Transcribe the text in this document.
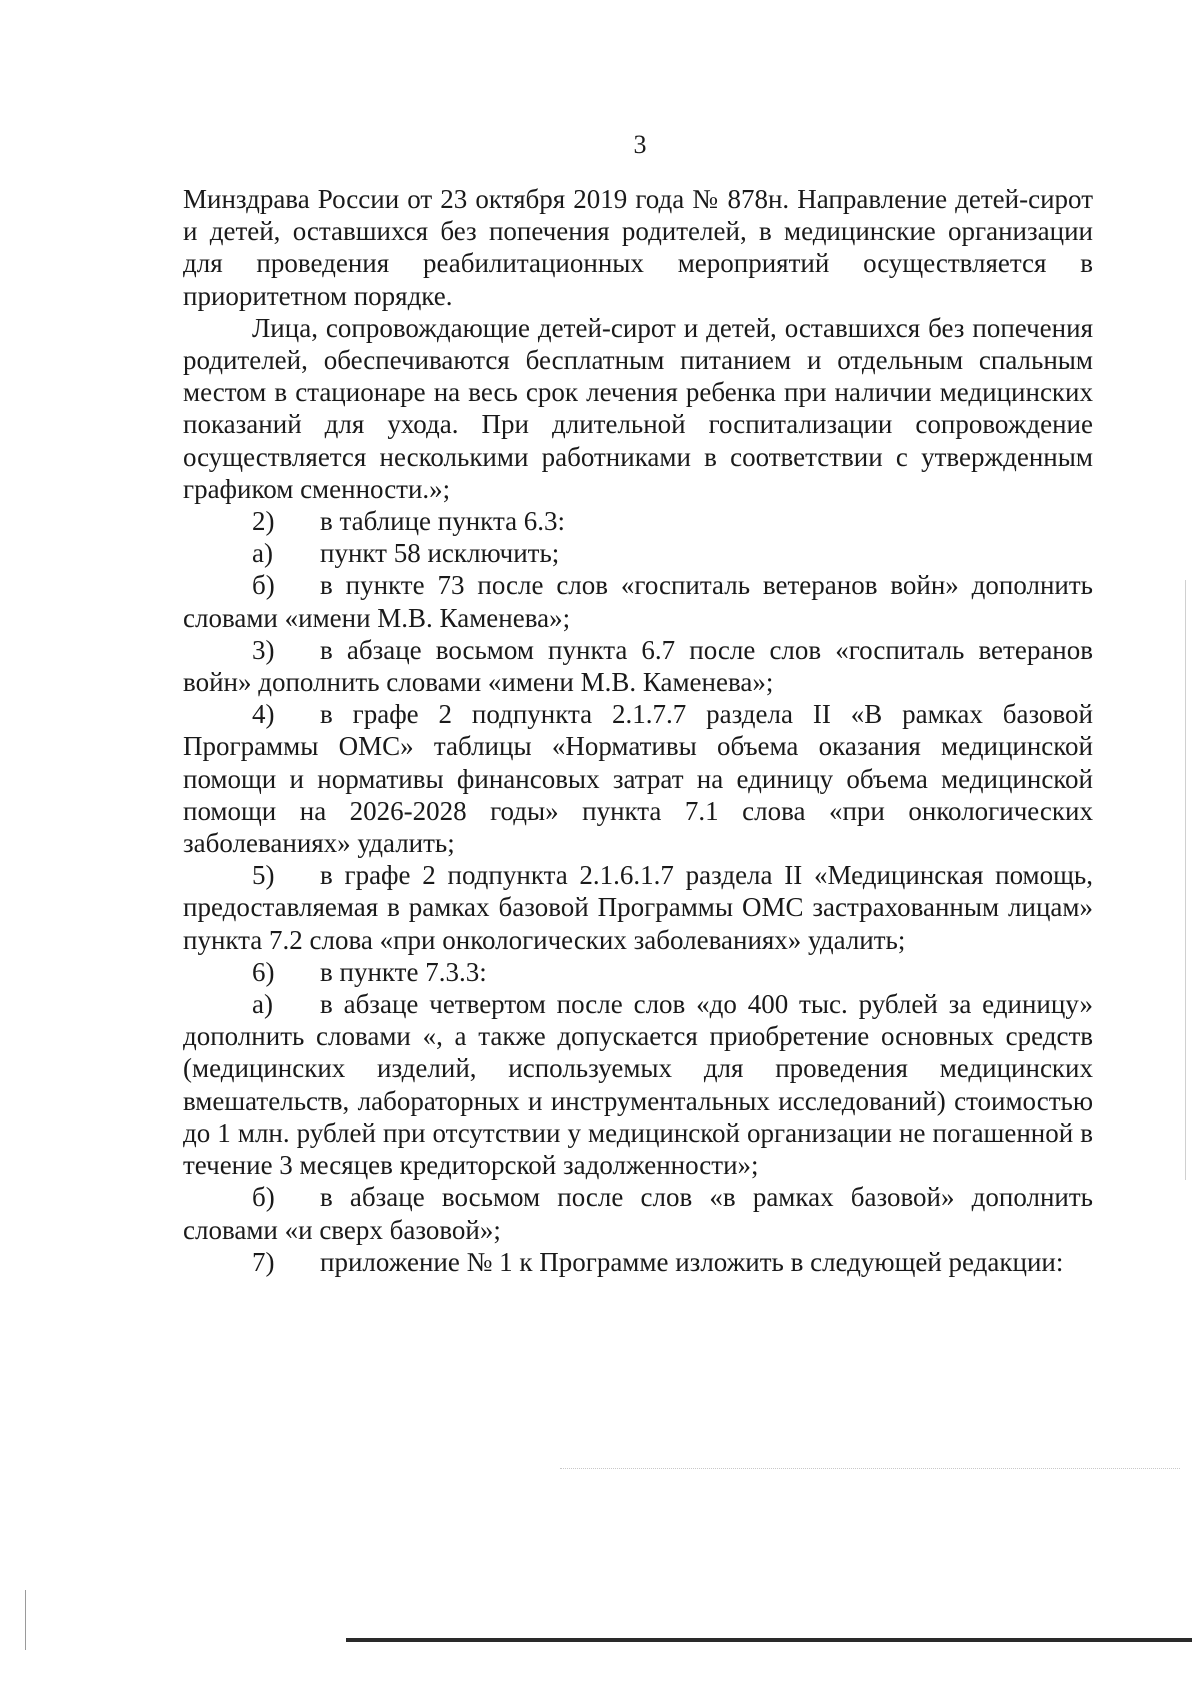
3

Минздрава России от 23 октября 2019 года № 878н. Направление детей-сирот и детей, оставшихся без попечения родителей, в медицинские организации для проведения реабилитационных мероприятий осуществляется в приоритетном порядке.

Лица, сопровождающие детей-сирот и детей, оставшихся без попечения родителей, обеспечиваются бесплатным питанием и отдельным спальным местом в стационаре на весь срок лечения ребенка при наличии медицинских показаний для ухода. При длительной госпитализации сопровождение осуществляется несколькими работниками в соответствии с утвержденным графиком сменности.»;

2) в таблице пункта 6.3:

а) пункт 58 исключить;

б) в пункте 73 после слов «госпиталь ветеранов войн» дополнить словами «имени М.В. Каменева»;

3) в абзаце восьмом пункта 6.7 после слов «госпиталь ветеранов войн» дополнить словами «имени М.В. Каменева»;

4) в графе 2 подпункта 2.1.7.7 раздела II «В рамках базовой Программы ОМС» таблицы «Нормативы объема оказания медицинской помощи и нормативы финансовых затрат на единицу объема медицинской помощи на 2026-2028 годы» пункта 7.1 слова «при онкологических заболеваниях» удалить;

5) в графе 2 подпункта 2.1.6.1.7 раздела II «Медицинская помощь, предоставляемая в рамках базовой Программы ОМС застрахованным лицам» пункта 7.2 слова «при онкологических заболеваниях» удалить;

6) в пункте 7.3.3:

а) в абзаце четвертом после слов «до 400 тыс. рублей за единицу» дополнить словами «, а также допускается приобретение основных средств (медицинских изделий, используемых для проведения медицинских вмешательств, лабораторных и инструментальных исследований) стоимостью до 1 млн. рублей при отсутствии у медицинской организации не погашенной в течение 3 месяцев кредиторской задолженности»;

б) в абзаце восьмом после слов «в рамках базовой» дополнить словами «и сверх базовой»;

7) приложение № 1 к Программе изложить в следующей редакции:
